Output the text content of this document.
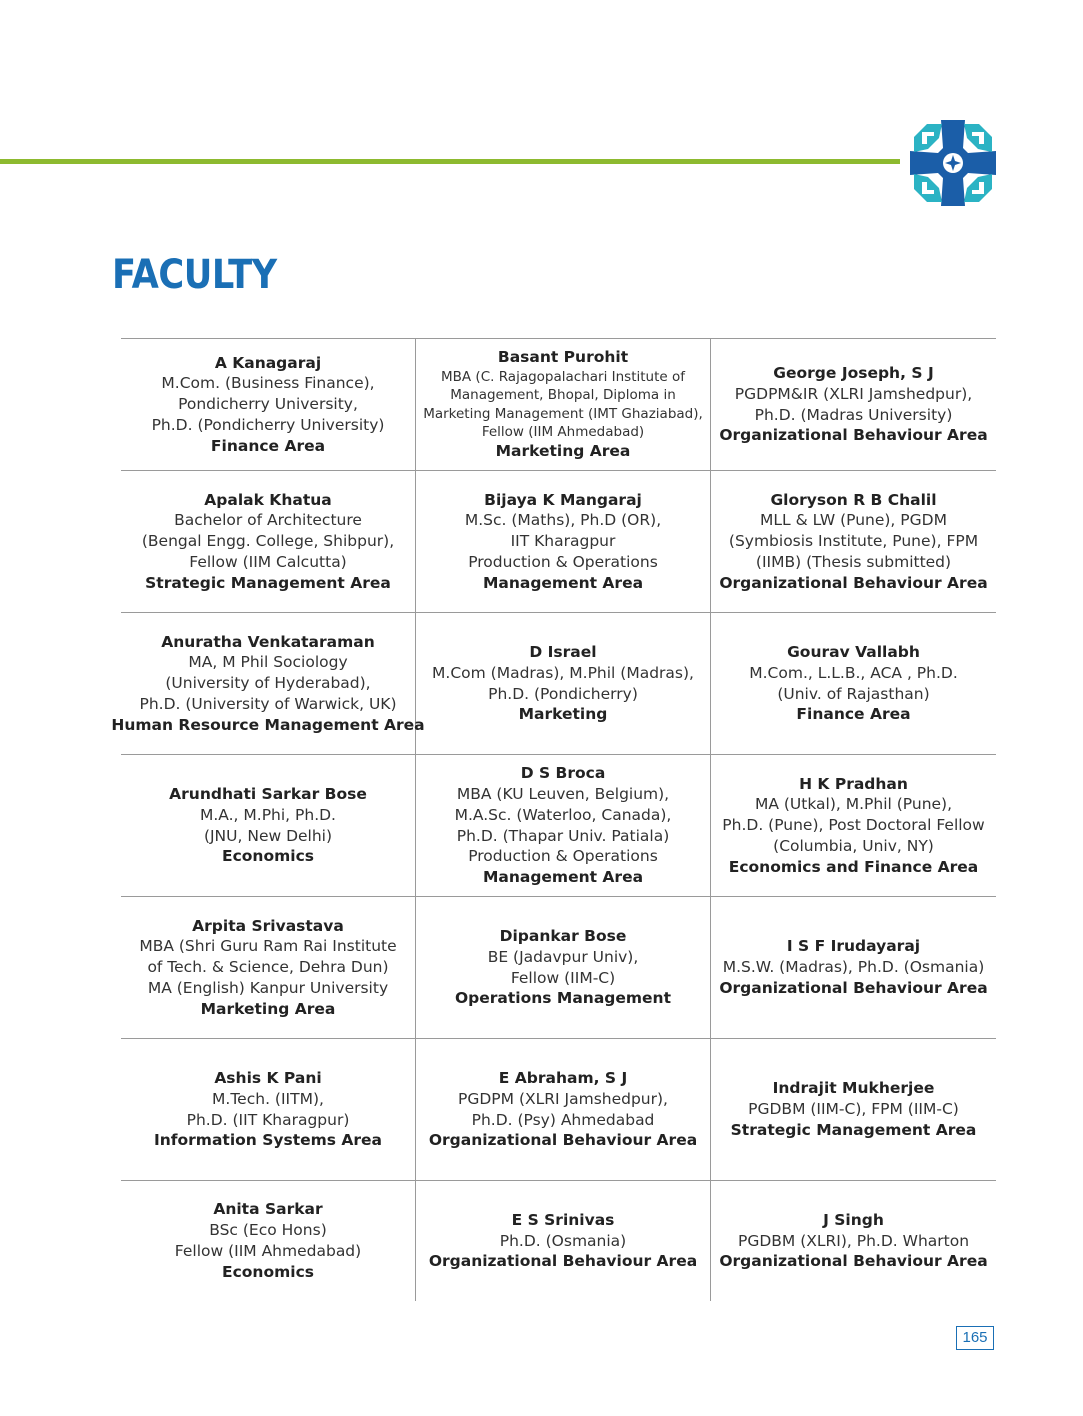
FACULTY
A Kanagaraj
M.Com. (Business Finance),
Pondicherry University,
Ph.D. (Pondicherry University)
Finance Area
Basant Purohit
MBA (C. Rajagopalachari Institute of
Management, Bhopal, Diploma in
Marketing Management (IMT Ghaziabad),
Fellow (IIM Ahmedabad)
Marketing Area
George Joseph, S J
PGDPM&IR (XLRI Jamshedpur),
Ph.D. (Madras University)
Organizational Behaviour Area
Apalak Khatua
Bachelor of Architecture
(Bengal Engg. College, Shibpur),
Fellow (IIM Calcutta)
Strategic Management Area
Bijaya K Mangaraj
M.Sc. (Maths), Ph.D (OR),
IIT Kharagpur
Production & Operations
Management Area
Gloryson R B Chalil
MLL & LW (Pune), PGDM
(Symbiosis Institute, Pune), FPM
(IIMB) (Thesis submitted)
Organizational Behaviour Area
Anuratha Venkataraman
MA, M Phil Sociology
(University of Hyderabad),
Ph.D. (University of Warwick, UK)
Human Resource Management Area
D Israel
M.Com (Madras), M.Phil (Madras),
Ph.D. (Pondicherry)
Marketing
Gourav Vallabh
M.Com., L.L.B., ACA , Ph.D.
(Univ. of Rajasthan)
Finance Area
Arundhati Sarkar Bose
M.A., M.Phi, Ph.D.
(JNU, New Delhi)
Economics
D S Broca
MBA (KU Leuven, Belgium),
M.A.Sc. (Waterloo, Canada),
Ph.D. (Thapar Univ. Patiala)
Production & Operations
Management Area
H K Pradhan
MA (Utkal), M.Phil (Pune),
Ph.D. (Pune), Post Doctoral Fellow
(Columbia, Univ, NY)
Economics and Finance Area
Arpita Srivastava
MBA (Shri Guru Ram Rai Institute
of Tech. & Science, Dehra Dun)
MA (English) Kanpur University
Marketing Area
Dipankar Bose
BE (Jadavpur Univ),
Fellow (IIM-C)
Operations Management
I S F Irudayaraj
M.S.W. (Madras), Ph.D. (Osmania)
Organizational Behaviour Area
Ashis K Pani
M.Tech. (IITM),
Ph.D. (IIT Kharagpur)
Information Systems Area
E Abraham, S J
PGDPM (XLRI Jamshedpur),
Ph.D. (Psy) Ahmedabad
Organizational Behaviour Area
Indrajit Mukherjee
PGDBM (IIM-C), FPM (IIM-C)
Strategic Management Area
Anita Sarkar
BSc (Eco Hons)
Fellow (IIM Ahmedabad)
Economics
E S Srinivas
Ph.D. (Osmania)
Organizational Behaviour Area
J Singh
PGDBM (XLRI), Ph.D. Wharton
Organizational Behaviour Area
165
